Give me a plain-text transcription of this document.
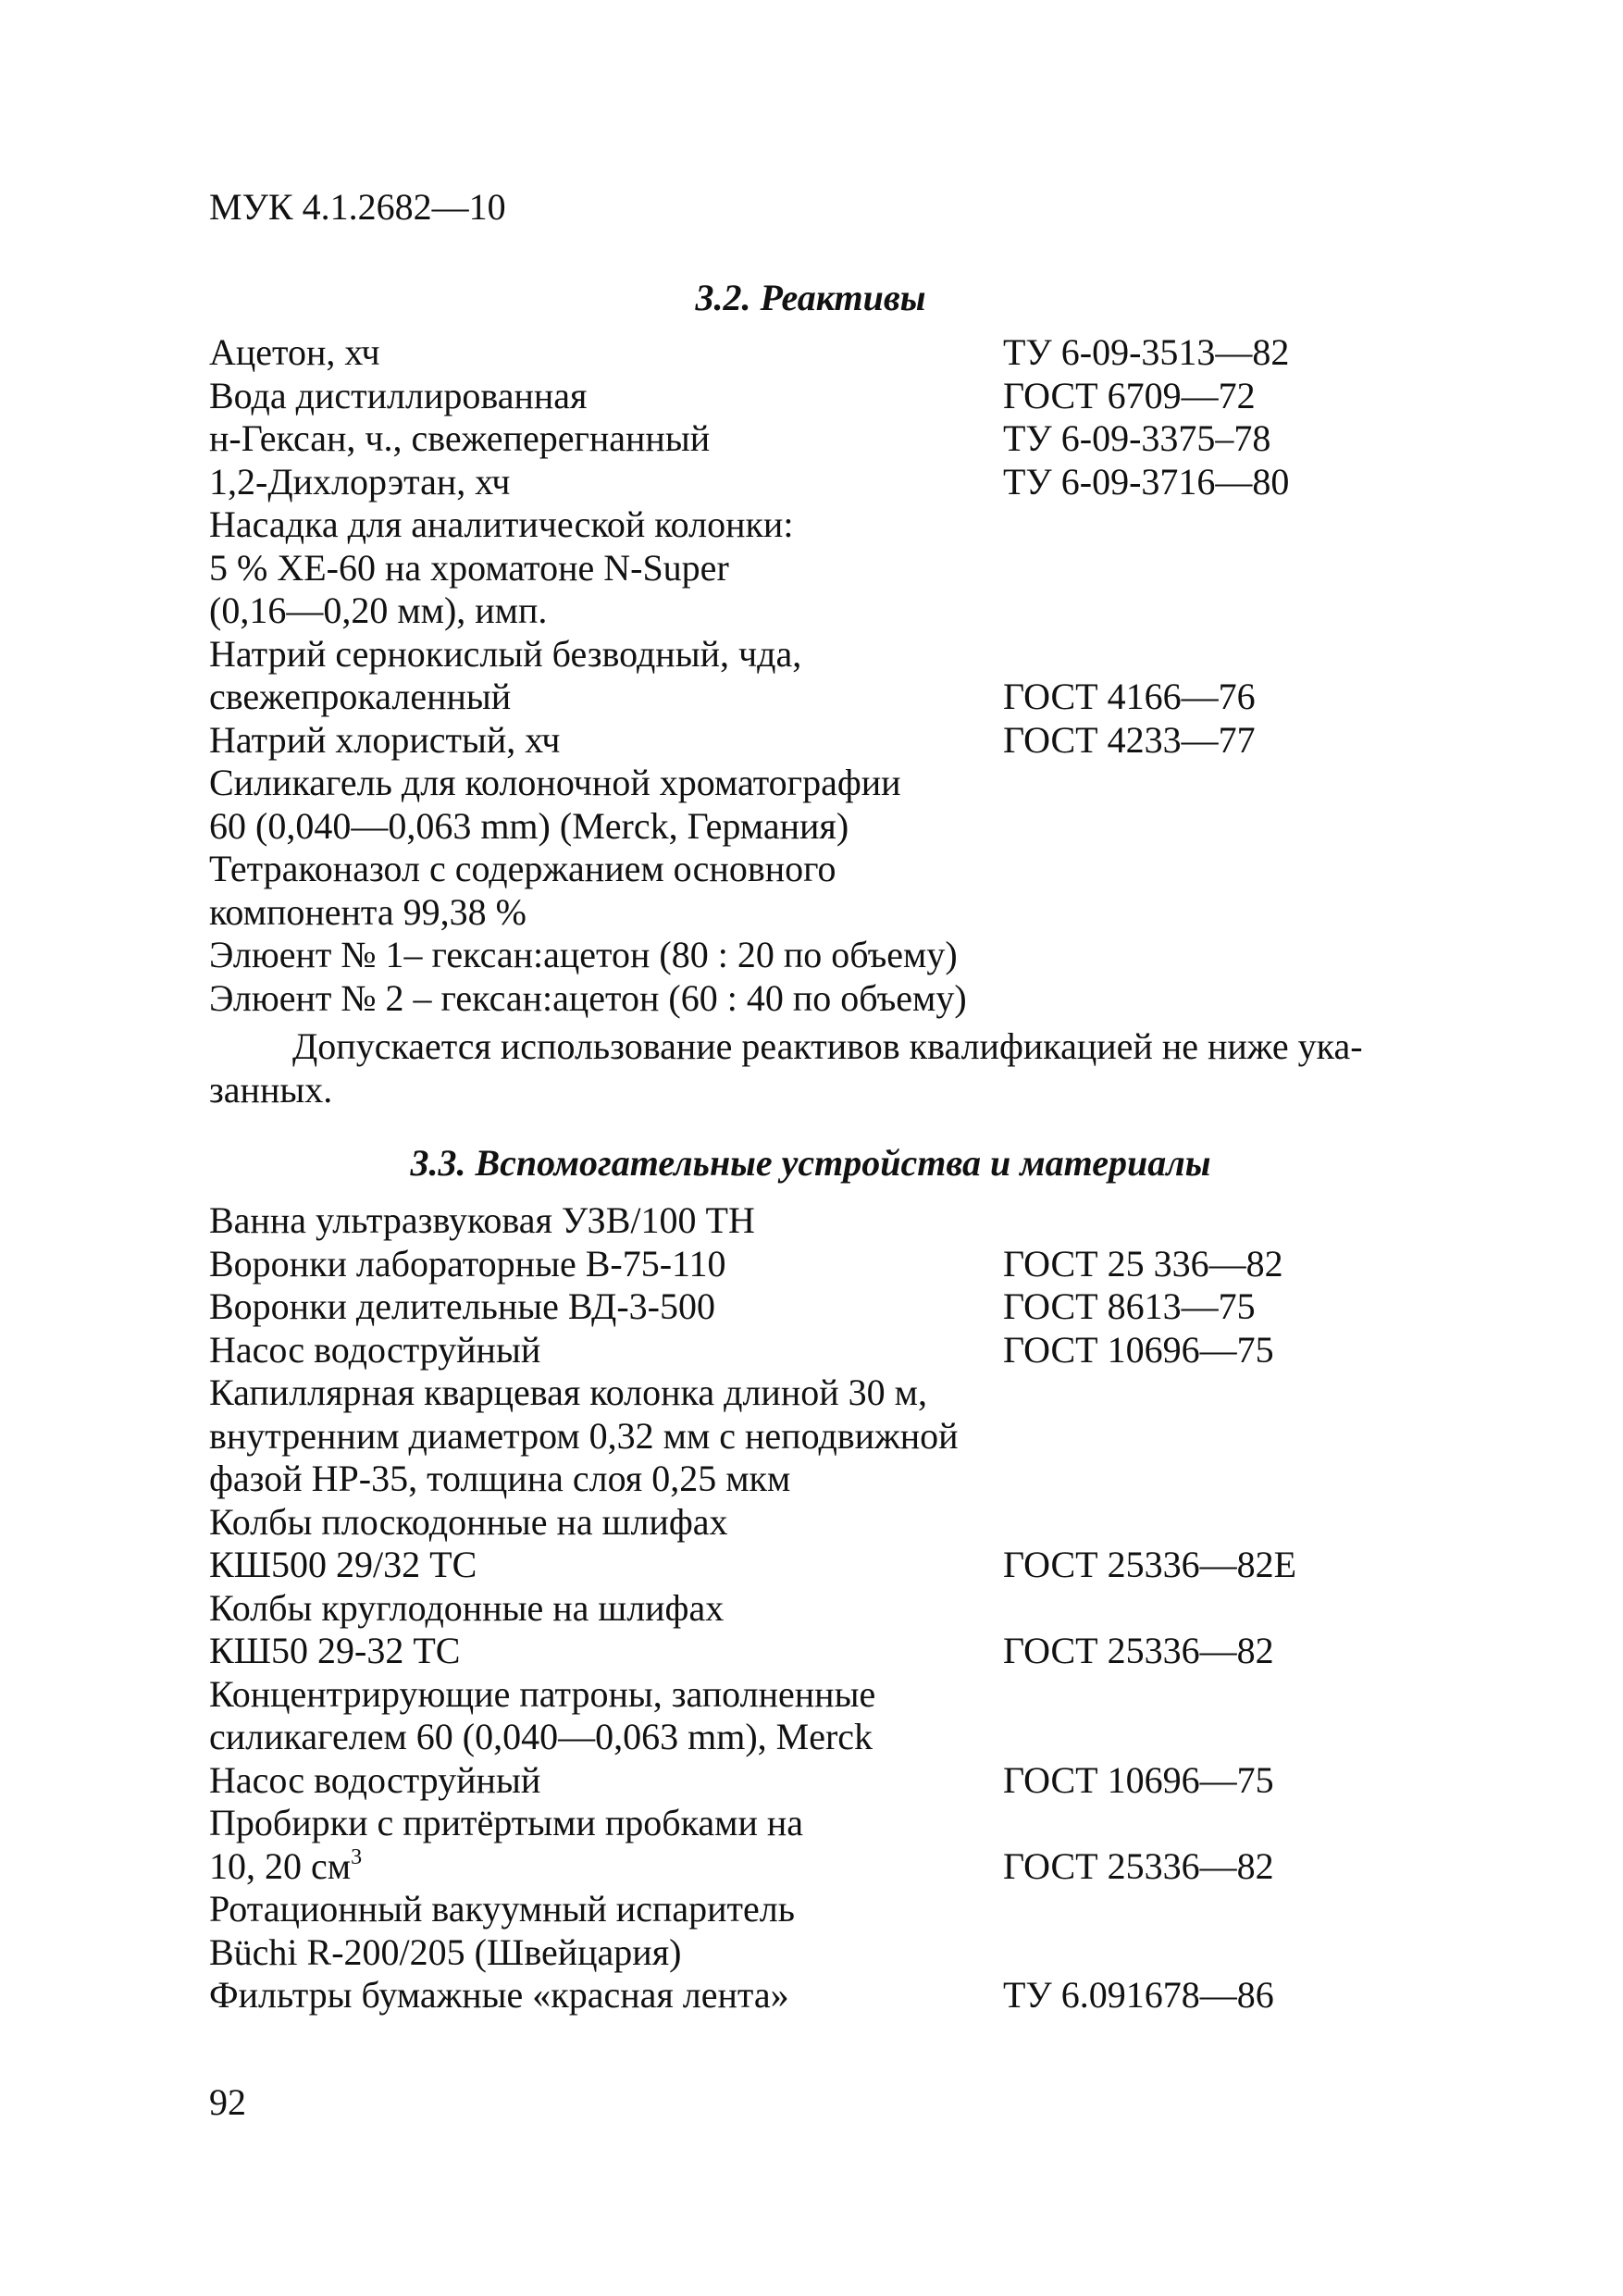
МУК 4.1.2682—10
3.2. Реактивы
Ацетон, хч	ТУ 6-09-3513—82
Вода дистиллированная	ГОСТ 6709—72
н-Гексан, ч., свежеперегнанный	ТУ 6-09-3375–78
1,2-Дихлорэтан, хч	ТУ 6-09-3716—80
Насадка для аналитической колонки:
5 % XE-60 на хроматоне N-Super
(0,16—0,20 мм), имп.
Натрий сернокислый безводный, чда,
свежепрокаленный	ГОСТ 4166—76
Натрий хлористый, хч	ГОСТ 4233—77
Силикагель для колоночной хроматографии
60 (0,040—0,063 mm) (Merck, Германия)
Тетраконазол с содержанием основного
компонента 99,38 %
Элюент № 1– гексан:ацетон (80 : 20 по объему)
Элюент № 2 – гексан:ацетон (60 : 40 по объему)
Допускается использование реактивов квалификацией не ниже ука-
занных.
3.3. Вспомогательные устройства и материалы
Ванна ультразвуковая УЗВ/100 ТН
Воронки лабораторные В-75-110	ГОСТ 25 336—82
Воронки делительные ВД-3-500	ГОСТ 8613—75
Насос водоструйный	ГОСТ 10696—75
Капиллярная кварцевая колонка длиной 30 м,
внутренним диаметром 0,32 мм с неподвижной
фазой HP-35, толщина слоя 0,25 мкм
Колбы плоскодонные на шлифах
КШ500 29/32 ТС	ГОСТ 25336—82Е
Колбы круглодонные на шлифах
КШ50 29-32 ТС	ГОСТ 25336—82
Концентрирующие патроны, заполненные
силикагелем 60 (0,040—0,063 mm), Merck
Насос водоструйный	ГОСТ 10696—75
Пробирки с притёртыми пробками на
10, 20 $см^3$	ГОСТ 25336—82
Ротационный вакуумный испаритель
Büchi R-200/205 (Швейцария)
Фильтры бумажные «красная лента»	ТУ 6.091678—86
92
